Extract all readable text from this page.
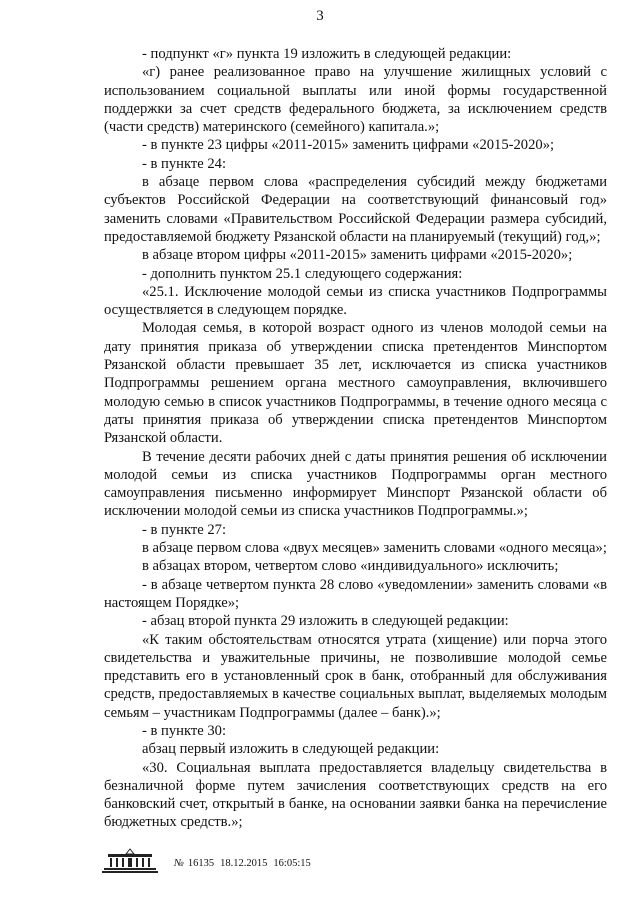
3

- подпункт «г» пункта 19 изложить в следующей редакции:

«г) ранее реализованное право на улучшение жилищных условий с использованием социальной выплаты или иной формы государственной поддержки за счет средств федерального бюджета, за исключением средств (части средств) материнского (семейного) капитала.»;

- в пункте 23 цифры «2011-2015» заменить цифрами «2015-2020»;

- в пункте 24:

в абзаце первом слова «распределения субсидий между бюджетами субъектов Российской Федерации на соответствующий финансовый год» заменить словами «Правительством Российской Федерации размера субсидий, предоставляемой бюджету Рязанской области на планируемый (текущий) год,»;

в абзаце втором цифры «2011-2015» заменить цифрами «2015-2020»;

- дополнить пунктом 25.1 следующего содержания:

«25.1. Исключение молодой семьи из списка участников Подпрограммы осуществляется в следующем порядке.

Молодая семья, в которой возраст одного из членов молодой семьи на дату принятия приказа об утверждении списка претендентов Минспортом Рязанской области превышает 35 лет, исключается из списка участников Подпрограммы решением органа местного самоуправления, включившего молодую семью в список участников Подпрограммы, в течение одного месяца с даты принятия приказа об утверждении списка претендентов Минспортом Рязанской области.

В течение десяти рабочих дней с даты принятия решения об исключении молодой семьи из списка участников Подпрограммы орган местного самоуправления письменно информирует Минспорт Рязанской области об исключении молодой семьи из списка участников Подпрограммы.»;

- в пункте 27:

в абзаце первом слова «двух месяцев» заменить словами «одного месяца»;

в абзацах втором, четвертом слово «индивидуального» исключить;

- в абзаце четвертом пункта 28 слово «уведомлении» заменить словами «в настоящем Порядке»;

- абзац второй пункта 29 изложить в следующей редакции:

«К таким обстоятельствам относятся утрата (хищение) или порча этого свидетельства и уважительные причины, не позволившие молодой семье представить его в установленный срок в банк, отобранный для обслуживания средств, предоставляемых в качестве социальных выплат, выделяемых молодым семьям – участникам Подпрограммы (далее – банк).»;

- в пункте 30:

абзац первый изложить в следующей редакции:

«30. Социальная выплата предоставляется владельцу свидетельства в безналичной форме путем зачисления соответствующих средств на его банковский счет, открытый в банке, на основании заявки банка на перечисление бюджетных средств.»;

№ 16135 18.12.2015 16:05:15
